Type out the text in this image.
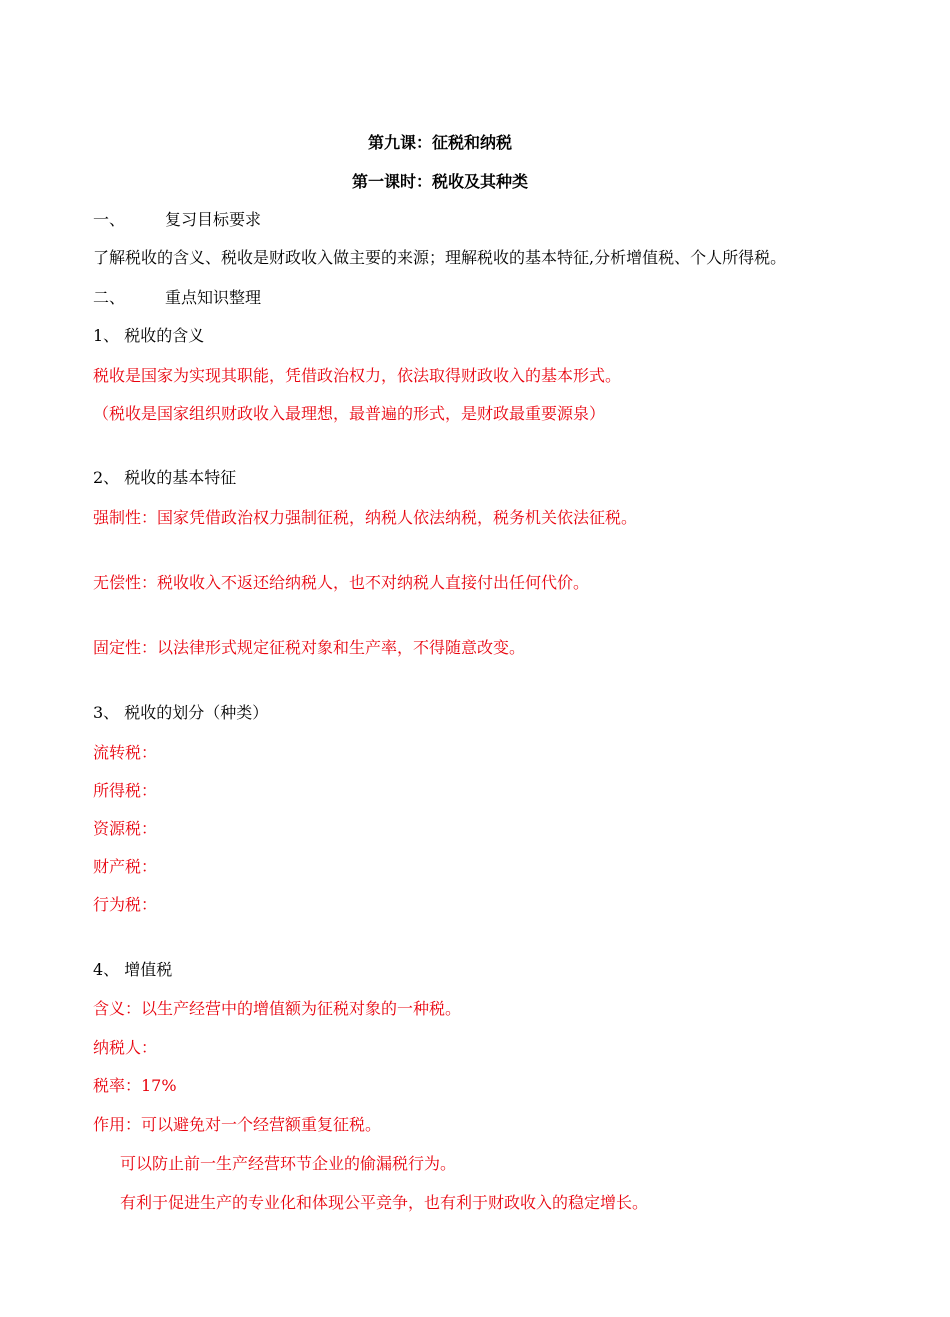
第九课：征税和纳税
第一课时：税收及其种类
一、 复习目标要求
了解税收的含义、税收是财政收入做主要的来源；理解税收的基本特征,分析增值税、个人所得税。
二、 重点知识整理
1、 税收的含义
税收是国家为实现其职能，凭借政治权力，依法取得财政收入的基本形式。
（税收是国家组织财政收入最理想，最普遍的形式，是财政最重要源泉）
2、 税收的基本特征
强制性：国家凭借政治权力强制征税，纳税人依法纳税，税务机关依法征税。
无偿性：税收收入不返还给纳税人，也不对纳税人直接付出任何代价。
固定性：以法律形式规定征税对象和生产率，不得随意改变。
3、 税收的划分（种类）
流转税：
所得税：
资源税：
财产税：
行为税：
4、 增值税
含义：以生产经营中的增值额为征税对象的一种税。
纳税人：
税率：17%
作用：可以避免对一个经营额重复征税。
可以防止前一生产经营环节企业的偷漏税行为。
有利于促进生产的专业化和体现公平竞争，也有利于财政收入的稳定增长。
